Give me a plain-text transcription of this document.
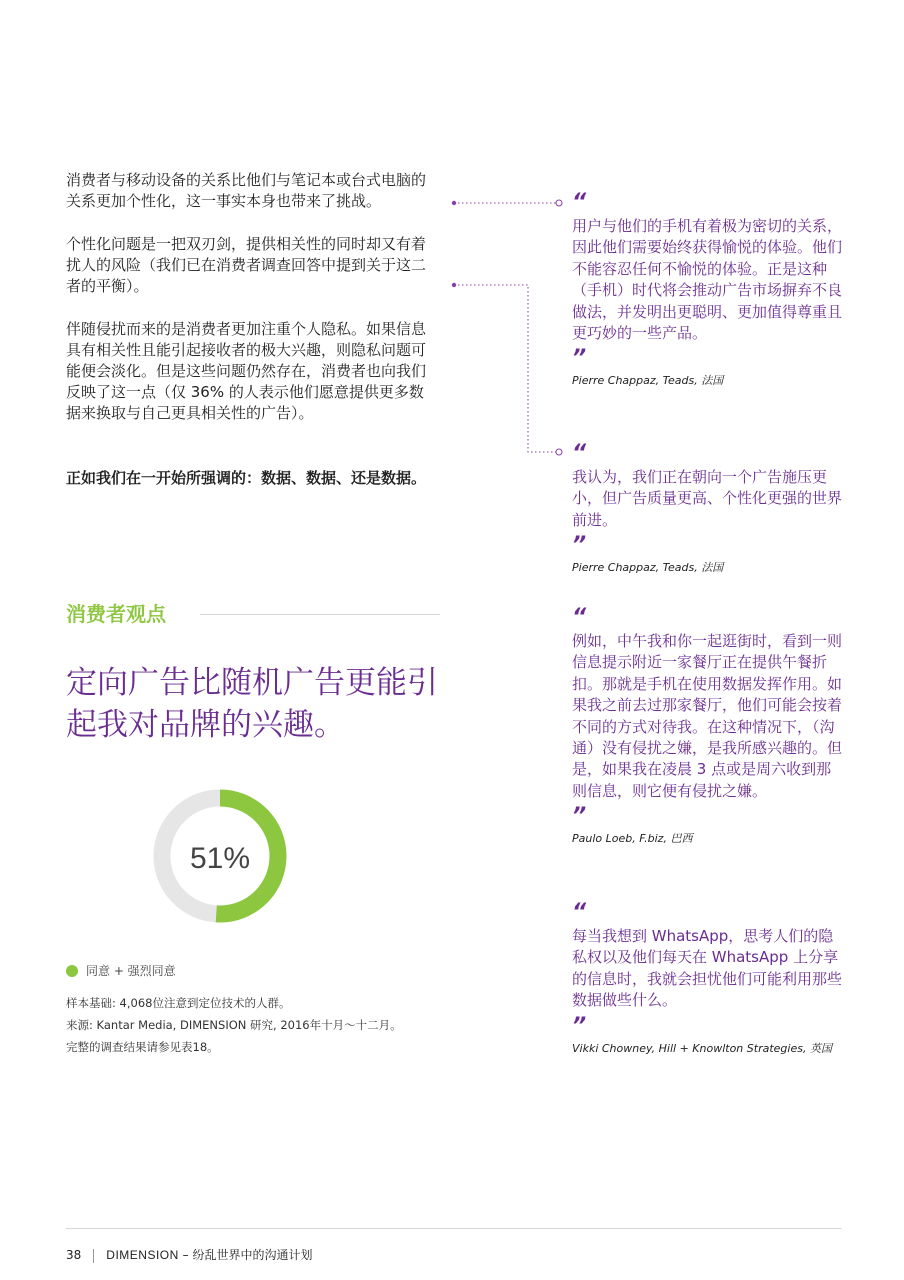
消费者与移动设备的关系比他们与笔记本或台式电脑的关系更加个性化，这一事实本身也带来了挑战。

个性化问题是一把双刃剑，提供相关性的同时却又有着扰人的风险（我们已在消费者调查回答中提到关于这二者的平衡）。

伴随侵扰而来的是消费者更加注重个人隐私。如果信息具有相关性且能引起接收者的极大兴趣，则隐私问题可能便会淡化。但是这些问题仍然存在，消费者也向我们反映了这一点（仅 36% 的人表示他们愿意提供更多数据来换取与自己更具相关性的广告）。

正如我们在一开始所强调的：数据、数据、还是数据。

消费者观点

定向广告比随机广告更能引起我对品牌的兴趣。

51%
同意 + 强烈同意
样本基础: 4,068位注意到定位技术的人群。
来源: Kantar Media, DIMENSION 研究, 2016年十月～十二月。
完整的调查结果请参见表18。
“
用户与他们的手机有着极为密切的关系，因此他们需要始终获得愉悦的体验。他们不能容忍任何不愉悦的体验。正是这种（手机）时代将会推动广告市场摒弃不良做法，并发明出更聪明、更加值得尊重且更巧妙的一些产品。
”
Pierre Chappaz, Teads, 法国
“
我认为，我们正在朝向一个广告施压更小，但广告质量更高、个性化更强的世界前进。
”
Pierre Chappaz, Teads, 法国
“
例如，中午我和你一起逛街时，看到一则信息提示附近一家餐厅正在提供午餐折扣。那就是手机在使用数据发挥作用。如果我之前去过那家餐厅，他们可能会按着不同的方式对待我。在这种情况下，（沟通）没有侵扰之嫌，是我所感兴趣的。但是，如果我在凌晨 3 点或是周六收到那则信息，则它便有侵扰之嫌。
”
Paulo Loeb, F.biz, 巴西
“
每当我想到 WhatsApp，思考人们的隐私权以及他们每天在 WhatsApp 上分享的信息时，我就会担忧他们可能利用那些数据做些什么。
”
Vikki Chowney, Hill + Knowlton Strategies, 英国
38 DIMENSION – 纷乱世界中的沟通计划
